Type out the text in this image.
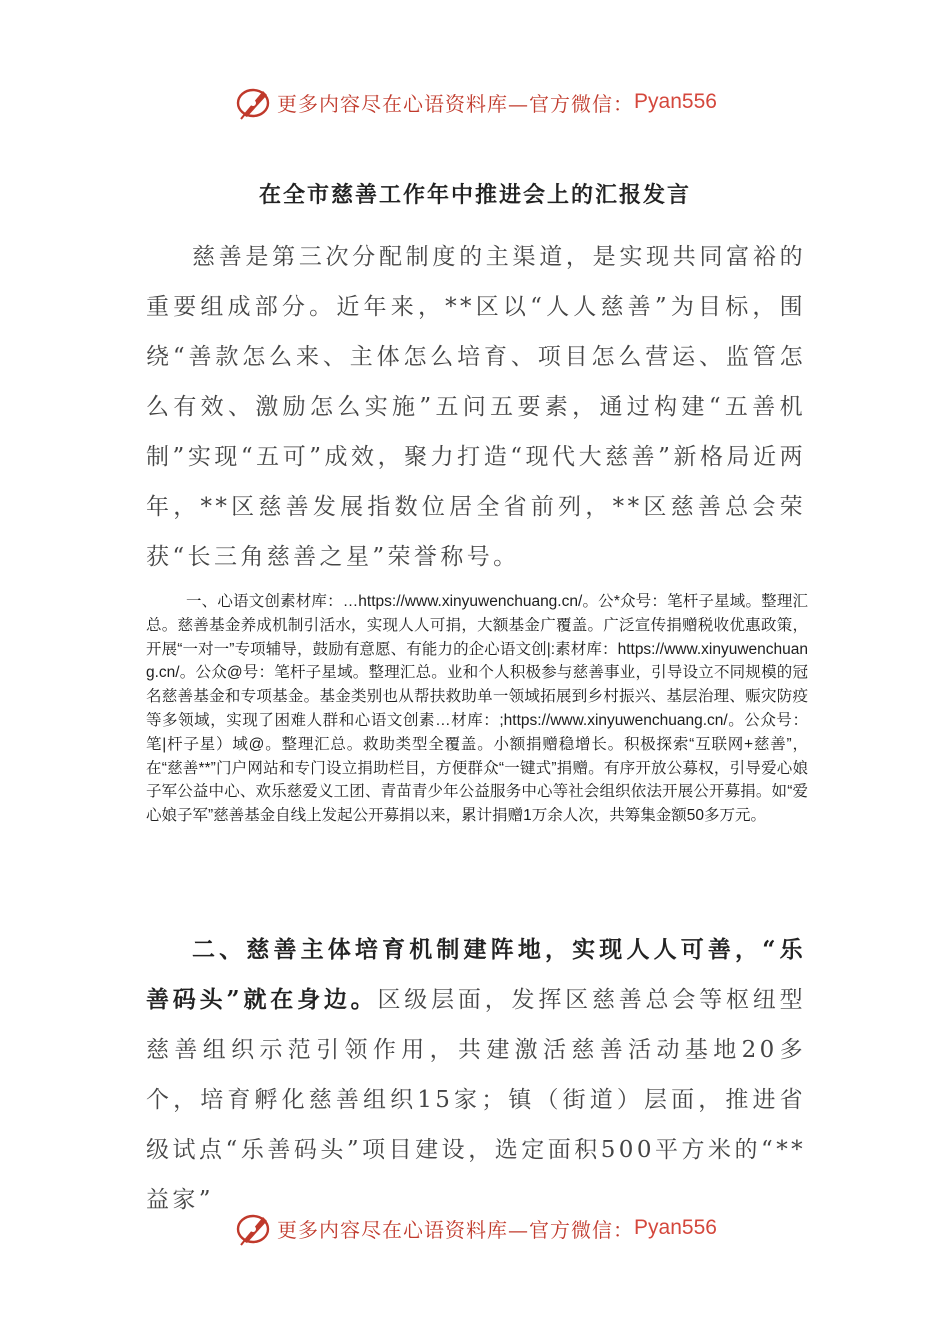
更多内容尽在心语资料库—官方微信： Pyan556
在全市慈善工作年中推进会上的汇报发言

慈善是第三次分配制度的主渠道，是实现共同富裕的重要组成部分。近年来，**区以“人人慈善”为目标，围绕“善款怎么来、主体怎么培育、项目怎么营运、监管怎么有效、激励怎么实施”五问五要素，通过构建“五善机制”实现“五可”成效，聚力打造“现代大慈善”新格局近两年，**区慈善发展指数位居全省前列，**区慈善总会荣获“长三角慈善之星”荣誉称号。

一、心语文创素材库：…https://www.xinyuwenchuang.cn/。公*众号：笔杆子星域。整理汇总。慈善基金养成机制引活水，实现人人可捐，大额基金广覆盖。广泛宣传捐赠税收优惠政策，开展“一对一”专项辅导，鼓励有意愿、有能力的企心语文创|:素材库：https://www.xinyuwenchuang.cn/。公众@号：笔杆子星域。整理汇总。业和个人积极参与慈善事业，引导设立不同规模的冠名慈善基金和专项基金。基金类别也从帮扶救助单一领域拓展到乡村振兴、基层治理、赈灾防疫等多领域，实现了困难人群和心语文创素…材库：;https://www.xinyuwenchuang.cn/。公众号：笔|杆子星）域@。整理汇总。救助类型全覆盖。小额捐赠稳增长。积极探索“互联网+慈善”，在“慈善**”门户网站和专门设立捐助栏目，方便群众“一键式”捐赠。有序开放公募权，引导爱心娘子军公益中心、欢乐慈爱义工团、青苗青少年公益服务中心等社会组织依法开展公开募捐。如“爱心娘子军”慈善基金自线上发起公开募捐以来，累计捐赠1万余人次，共筹集金额50多万元。

二、慈善主体培育机制建阵地，实现人人可善，“乐善码头”就在身边。区级层面，发挥区慈善总会等枢纽型慈善组织示范引领作用，共建激活慈善活动基地20多个，培育孵化慈善组织15家；镇（街道）层面，推进省级试点“乐善码头”项目建设，选定面积500平方米的“**益家”

更多内容尽在心语资料库—官方微信： Pyan556
